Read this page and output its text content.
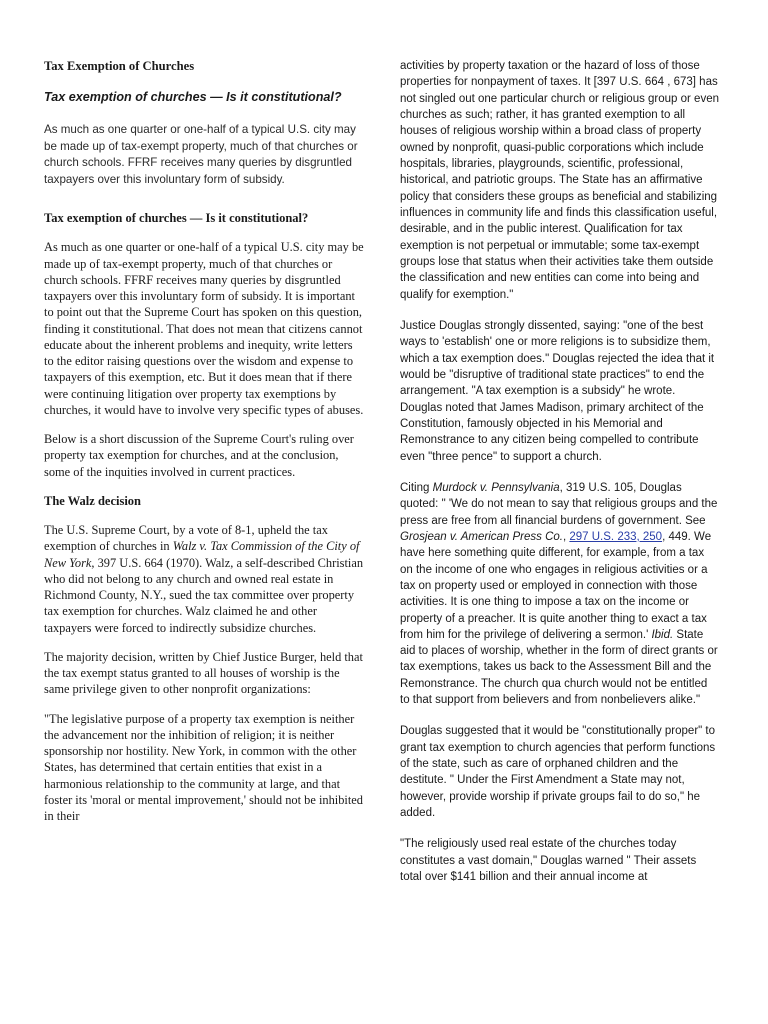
Tax Exemption of Churches
Tax exemption of churches — Is it constitutional?
As much as one quarter or one-half of a typical U.S. city may be made up of tax-exempt property, much of that churches or church schools. FFRF receives many queries by disgruntled taxpayers over this involuntary form of subsidy.
Tax exemption of churches — Is it constitutional?

As much as one quarter or one-half of a typical U.S. city may be made up of tax-exempt property, much of that churches or church schools. FFRF receives many queries by disgruntled taxpayers over this involuntary form of subsidy. It is important to point out that the Supreme Court has spoken on this question, finding it constitutional. That does not mean that citizens cannot educate about the inherent problems and inequity, write letters to the editor raising questions over the wisdom and expense to taxpayers of this exemption, etc. But it does mean that if there were continuing litigation over property tax exemptions by churches, it would have to involve very specific types of abuses.

Below is a short discussion of the Supreme Court's ruling over property tax exemption for churches, and at the conclusion, some of the inquities involved in current practices.

The Walz decision

The U.S. Supreme Court, by a vote of 8-1, upheld the tax exemption of churches in Walz v. Tax Commission of the City of New York, 397 U.S. 664 (1970). Walz, a self-described Christian who did not belong to any church and owned real estate in Richmond County, N.Y., sued the tax committee over property tax exemption for churches. Walz claimed he and other taxpayers were forced to indirectly subsidize churches.

The majority decision, written by Chief Justice Burger, held that the tax exempt status granted to all houses of worship is the same privilege given to other nonprofit organizations:

"The legislative purpose of a property tax exemption is neither the advancement nor the inhibition of religion; it is neither sponsorship nor hostility. New York, in common with the other States, has determined that certain entities that exist in a harmonious relationship to the community at large, and that foster its 'moral or mental improvement,' should not be inhibited in their

activities by property taxation or the hazard of loss of those properties for nonpayment of taxes. It [397 U.S. 664 , 673] has not singled out one particular church or religious group or even churches as such; rather, it has granted exemption to all houses of religious worship within a broad class of property owned by nonprofit, quasi-public corporations which include hospitals, libraries, playgrounds, scientific, professional, historical, and patriotic groups. The State has an affirmative policy that considers these groups as beneficial and stabilizing influences in community life and finds this classification useful, desirable, and in the public interest. Qualification for tax exemption is not perpetual or immutable; some tax-exempt groups lose that status when their activities take them outside the classification and new entities can come into being and qualify for exemption."

Justice Douglas strongly dissented, saying: "one of the best ways to 'establish' one or more religions is to subsidize them, which a tax exemption does." Douglas rejected the idea that it would be "disruptive of traditional state practices" to end the arrangement. "A tax exemption is a subsidy" he wrote. Douglas noted that James Madison, primary architect of the Constitution, famously objected in his Memorial and Remonstrance to any citizen being compelled to contribute even "three pence" to support a church.

Citing Murdock v. Pennsylvania, 319 U.S. 105, Douglas quoted: " 'We do not mean to say that religious groups and the press are free from all financial burdens of government. See Grosjean v. American Press Co., 297 U.S. 233, 250, 449. We have here something quite different, for example, from a tax on the income of one who engages in religious activities or a tax on property used or employed in connection with those activities. It is one thing to impose a tax on the income or property of a preacher. It is quite another thing to exact a tax from him for the privilege of delivering a sermon.' Ibid. State aid to places of worship, whether in the form of direct grants or tax exemptions, takes us back to the Assessment Bill and the Remonstrance. The church qua church would not be entitled to that support from believers and from nonbelievers alike."

Douglas suggested that it would be "constitutionally proper" to grant tax exemption to church agencies that perform functions of the state, such as care of orphaned children and the destitute. " Under the First Amendment a State may not, however, provide worship if private groups fail to do so," he added.

"The religiously used real estate of the churches today constitutes a vast domain," Douglas warned " Their assets total over $141 billion and their annual income at
